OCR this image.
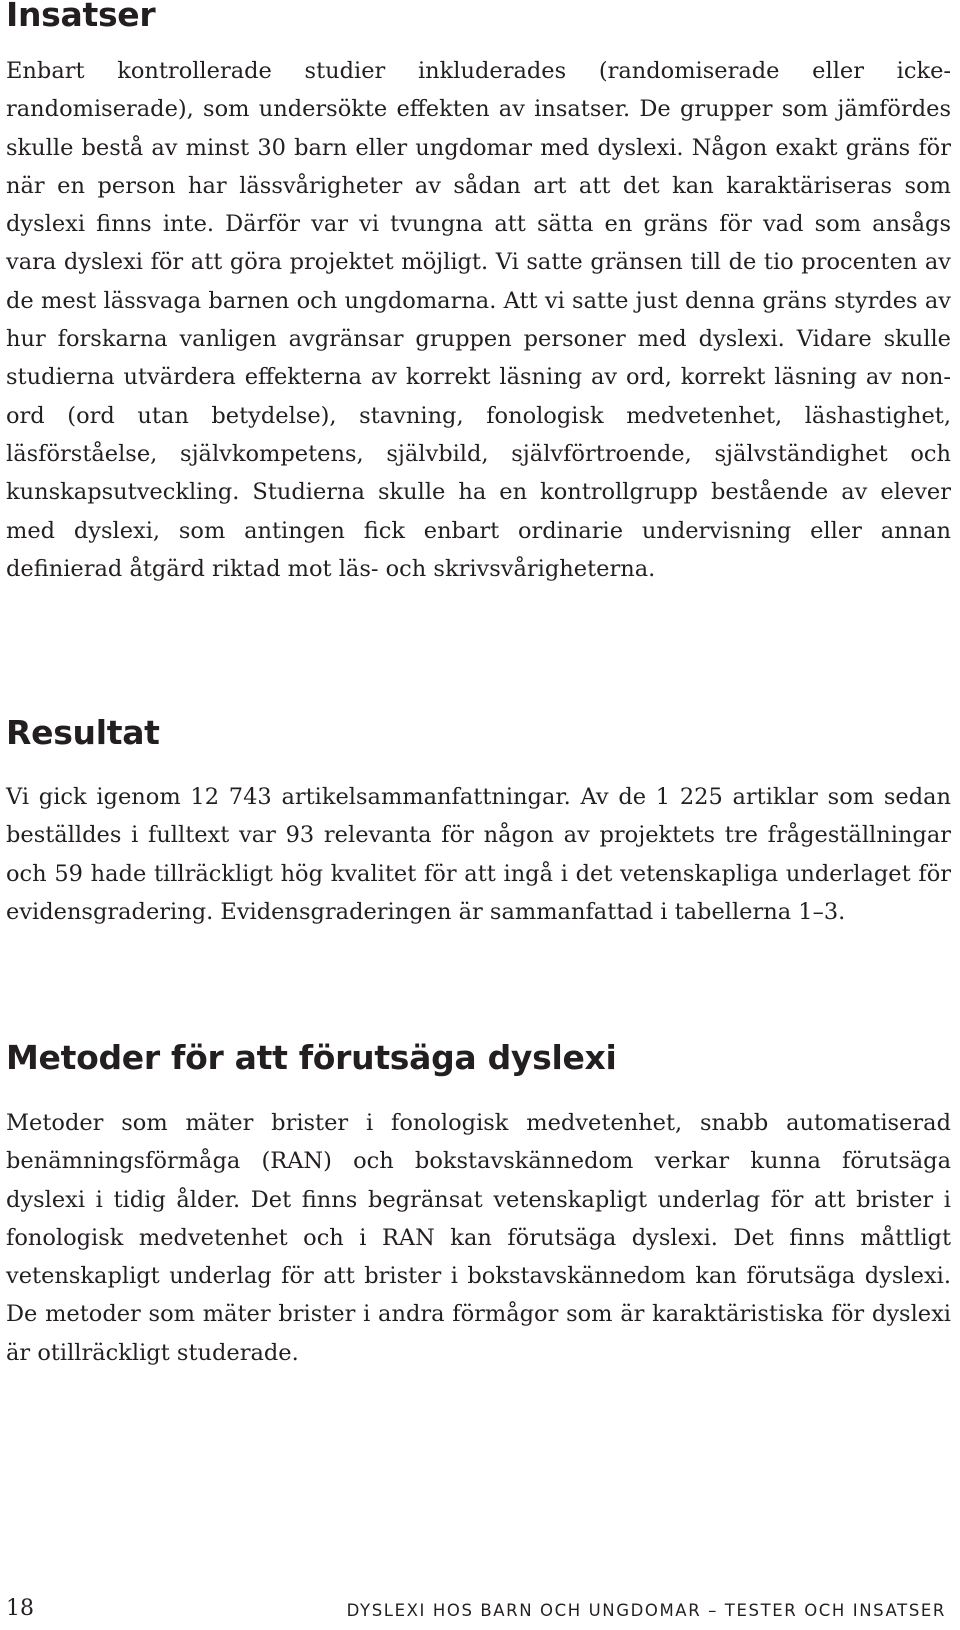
Insatser

Enbart kontrollerade studier inkluderades (randomiserade eller icke-randomiserade), som undersökte effekten av insatser. De grupper som jämfördes skulle bestå av minst 30 barn eller ungdomar med dyslexi. Någon exakt gräns för när en person har lässvårigheter av sådan art att det kan karaktäriseras som dyslexi finns inte. Därför var vi tvungna att sätta en gräns för vad som ansågs vara dyslexi för att göra projektet möjligt. Vi satte gränsen till de tio procenten av de mest lässvaga barnen och ungdomarna. Att vi satte just denna gräns styrdes av hur forskarna vanligen avgränsar gruppen personer med dyslexi. Vidare skulle studierna utvärdera effekterna av korrekt läsning av ord, korrekt läsning av non-ord (ord utan betydelse), stavning, fonologisk medvetenhet, läshastighet, läsförståelse, självkompetens, självbild, självförtroende, självständighet och kunskapsutveckling. Studierna skulle ha en kontrollgrupp bestående av elever med dyslexi, som antingen fick enbart ordinarie undervisning eller annan definierad åtgärd riktad mot läs- och skrivsvårigheterna.

Resultat

Vi gick igenom 12 743 artikelsammanfattningar. Av de 1 225 artiklar som sedan beställdes i fulltext var 93 relevanta för någon av projektets tre frågeställningar och 59 hade tillräckligt hög kvalitet för att ingå i det vetenskapliga underlaget för evidensgradering. Evidensgraderingen är sammanfattad i tabellerna 1–3.

Metoder för att förutsäga dyslexi

Metoder som mäter brister i fonologisk medvetenhet, snabb automatiserad benämningsförmåga (RAN) och bokstavskännedom verkar kunna förutsäga dyslexi i tidig ålder. Det finns begränsat vetenskapligt underlag för att brister i fonologisk medvetenhet och i RAN kan förutsäga dyslexi. Det finns måttligt vetenskapligt underlag för att brister i bokstavskännedom kan förutsäga dyslexi. De metoder som mäter brister i andra förmågor som är karaktäristiska för dyslexi är otillräckligt studerade.

18	DYSLEXI HOS BARN OCH UNGDOMAR – TESTER OCH INSATSER
